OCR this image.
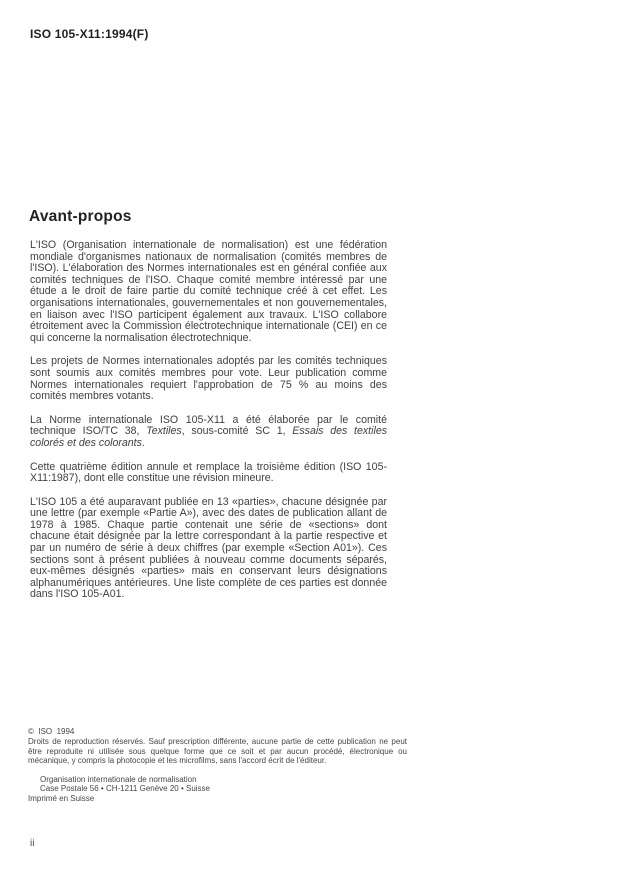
ISO 105-X11:1994(F)
Avant-propos

L'ISO (Organisation internationale de normalisation) est une fédération mondiale d'organismes nationaux de normalisation (comités membres de l'ISO). L'élaboration des Normes internationales est en général confiée aux comités techniques de l'ISO. Chaque comité membre intéressé par une étude a le droit de faire partie du comité technique créé à cet effet. Les organisations internationales, gouvernementales et non gouvernementales, en liaison avec l'ISO participent également aux travaux. L'ISO collabore étroitement avec la Commission électrotechnique internationale (CEI) en ce qui concerne la normalisation électrotechnique.

Les projets de Normes internationales adoptés par les comités techniques sont soumis aux comités membres pour vote. Leur publication comme Normes internationales requiert l'approbation de 75 % au moins des comités membres votants.

La Norme internationale ISO 105-X11 a été élaborée par le comité technique ISO/TC 38, Textiles, sous-comité SC 1, Essais des textiles colorés et des colorants.

Cette quatrième édition annule et remplace la troisième édition (ISO 105-X11:1987), dont elle constitue une révision mineure.

L'ISO 105 a été auparavant publiée en 13 «parties», chacune désignée par une lettre (par exemple «Partie A»), avec des dates de publication allant de 1978 à 1985. Chaque partie contenait une série de «sections» dont chacune était désignée par la lettre correspondant à la partie respective et par un numéro de série à deux chiffres (par exemple «Section A01»). Ces sections sont à présent publiées à nouveau comme documents séparés, eux-mêmes désignés «parties» mais en conservant leurs désignations alphanumériques antérieures. Une liste complète de ces parties est donnée dans l'ISO 105-A01.

©  ISO  1994
Droits de reproduction réservés. Sauf prescription différente, aucune partie de cette publication ne peut être reproduite ni utilisée sous quelque forme que ce soit et par aucun procédé, électronique ou mécanique, y compris la photocopie et les microfilms, sans l'accord écrit de l'éditeur.
Organisation internationale de normalisation
Case Postale 56 • CH-1211 Genève 20 • Suisse
Imprimé en Suisse
ii
